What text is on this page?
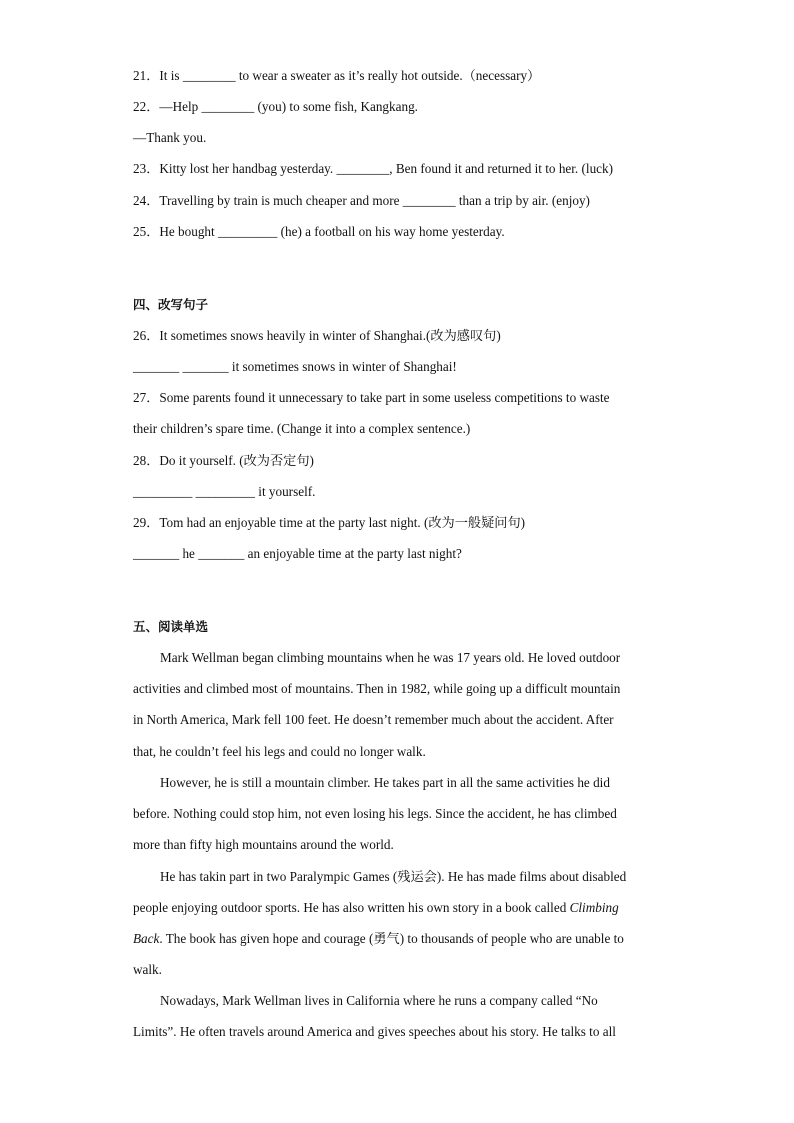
21．It is ________ to wear a sweater as it’s really hot outside.（necessary）
22．—Help ________ (you) to some fish, Kangkang.
—Thank you.
23．Kitty lost her handbag yesterday. ________, Ben found it and returned it to her. (luck)
24．Travelling by train is much cheaper and more ________ than a trip by air. (enjoy)
25．He bought _________ (he) a football on his way home yesterday.
四、改写句子
26．It sometimes snows heavily in winter of Shanghai.(改为感叹句)
_______ _______ it sometimes snows in winter of Shanghai!
27．Some parents found it unnecessary to take part in some useless competitions to waste
their children’s spare time. (Change it into a complex sentence.)
28．Do it yourself. (改为否定句)
_________ _________ it yourself.
29．Tom had an enjoyable time at the party last night. (改为一般疑问句)
_______ he _______ an enjoyable time at the party last night?
五、阅读单选
Mark Wellman began climbing mountains when he was 17 years old. He loved outdoor
activities and climbed most of mountains. Then in 1982, while going up a difficult mountain
in North America, Mark fell 100 feet. He doesn’t remember much about the accident. After
that, he couldn’t feel his legs and could no longer walk.
However, he is still a mountain climber. He takes part in all the same activities he did
before. Nothing could stop him, not even losing his legs. Since the accident, he has climbed
more than fifty high mountains around the world.
He has takin part in two Paralympic Games (残运会). He has made films about disabled
people enjoying outdoor sports. He has also written his own story in a book called Climbing
Back. The book has given hope and courage (勇气) to thousands of people who are unable to
walk.
Nowadays, Mark Wellman lives in California where he runs a company called “No
Limits”. He often travels around America and gives speeches about his story. He talks to all
